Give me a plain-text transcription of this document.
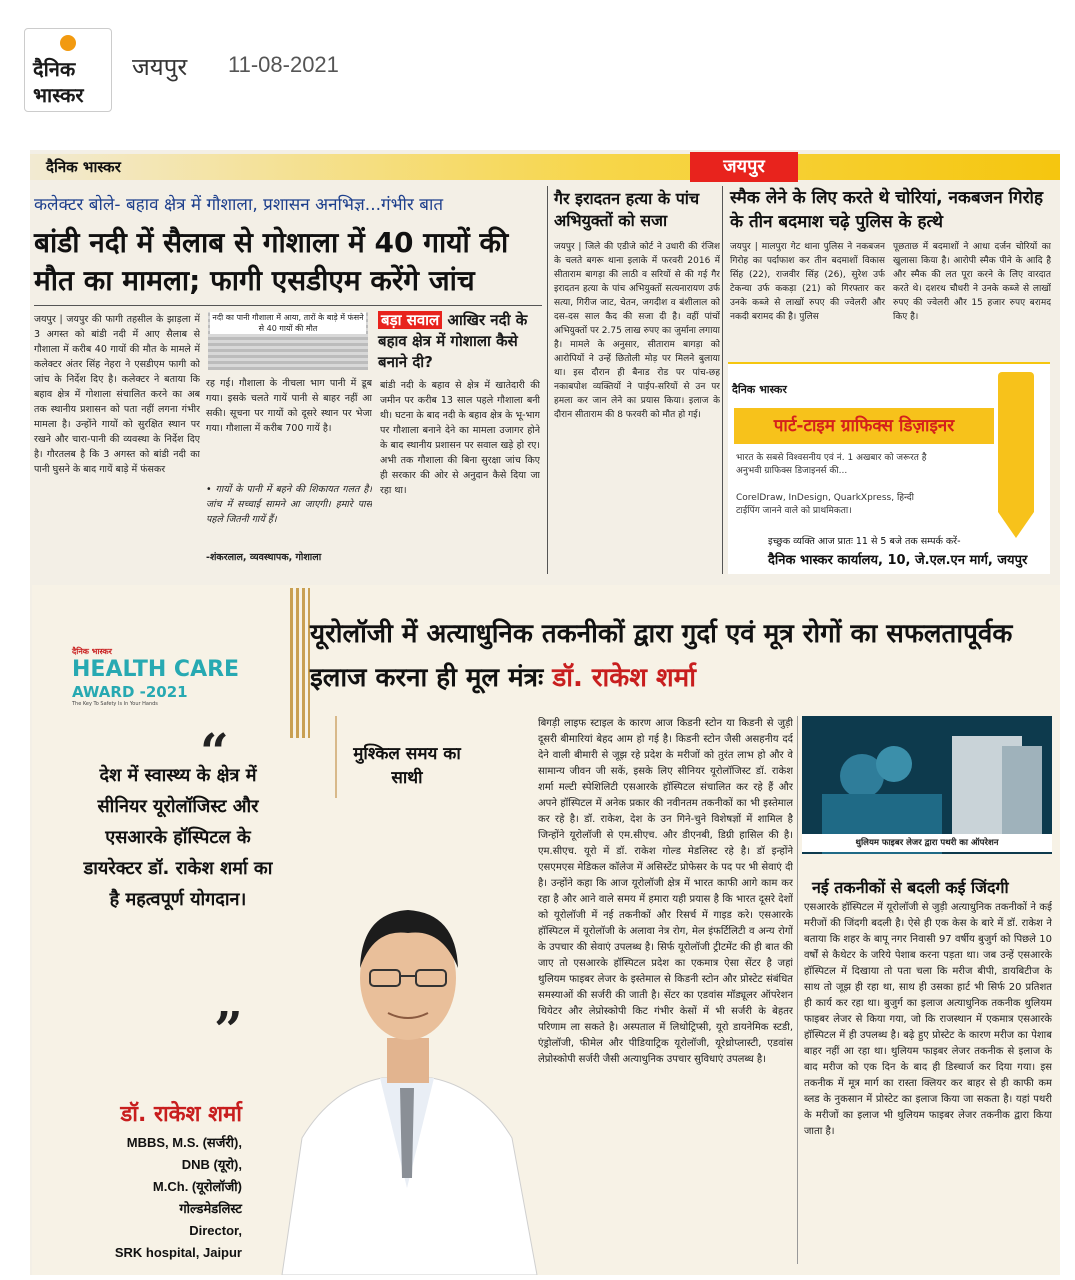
दैनिक
भास्कर
जयपुर 11-08-2021
दैनिक भास्कर	जयपुर
कलेक्टर बोले- बहाव क्षेत्र में गौशाला, प्रशासन अनभिज्ञ...गंभीर बात
बांडी नदी में सैलाब से गोशाला में 40 गायों की मौत का मामला; फागी एसडीएम करेंगे जांच
जयपुर | जयपुर की फागी तहसील के झाड़ला में 3 अगस्त को बांडी नदी में आए सैलाब से गौशाला में करीब 40 गायों की मौत के मामले में कलेक्टर अंतर सिंह नेहरा ने एसडीएम फागी को जांच के निर्देश दिए है। कलेक्टर ने बताया कि बहाव क्षेत्र में गोशाला संचालित करने का अब तक स्थानीय प्रशासन को पता नहीं लगना गंभीर मामला है। उन्होंने गायों को सुरक्षित स्थान पर रखने और चारा-पानी की व्यवस्था के निर्देश दिए है। गौरतलब है कि 3 अगस्त को बांडी नदी का पानी घुसने के बाद गायें बाड़े में फंसकर
नदी का पानी गौशाला में आया, तारों के बाड़े में फंसने से 40 गायों की मौत
रह गई। गौशाला के नीचला भाग पानी में डूब गया। इसके चलते गायें पानी से बाहर नहीं आ सकी। सूचना पर गायों को दूसरे स्थान पर भेजा गया। गौशाला में करीब 700 गायें है।
• गायों के पानी में बहने की शिकायत गलत है। जांच में सच्चाई सामने आ जाएगी। हमारे पास पहले जितनी गायें हैं।
-शंकरलाल, व्यवस्थापक, गोशाला
बड़ा सवाल आखिर नदी के बहाव क्षेत्र में गोशाला कैसे बनाने दी?
बांडी नदी के बहाव से क्षेत्र में खातेदारी की जमीन पर करीब 13 साल पहले गौशाला बनी थी। घटना के बाद नदी के बहाव क्षेत्र के भू-भाग पर गौशाला बनाने देने का मामला उजागर होने के बाद स्थानीय प्रशासन पर सवाल खड़े हो रए। अभी तक गौशाला की बिना सुरक्षा जांच किए ही सरकार की ओर से अनुदान कैसे दिया जा रहा था।
गैर इरादतन हत्या के पांच अभियुक्तों को सजा
जयपुर | जिले की एडीजे कोर्ट ने उधारी की रंजिश के चलते बगरू थाना इलाके में फरवरी 2016 में सीताराम बागड़ा की लाठी व सरियों से की गई गैर इरादतन हत्या के पांच अभियुक्तों सत्यनारायण उर्फ सत्या, गिरीज जाट, चेतन, जगदीश व बंशीलाल को दस-दस साल कैद की सजा दी है। वहीं पांचों अभियुक्तों पर 2.75 लाख रुपए का जुर्माना लगाया है। मामले के अनुसार, सीताराम बागड़ा को आरोपियों ने उन्हें छितोली मोड़ पर मिलने बुलाया था। इस दौरान ही बैनाड रोड पर पांच-छह नकाबपोश व्यक्तियों ने पाईप-सरियों से उन पर हमला कर जान लेने का प्रयास किया। इलाज के दौरान सीताराम की 8 फरवरी को मौत हो गई।
स्मैक लेने के लिए करते थे चोरियां, नकबजन गिरोह के तीन बदमाश चढ़े पुलिस के हत्थे
जयपुर | मालपुरा गेट थाना पुलिस ने नकबजन गिरोह का पर्दाफाश कर तीन बदमाशों विकास सिंह (22), राजवीर सिंह (26), सुरेश उर्फ टेकन्या उर्फ ककड़ा (21) को गिरफ्तार कर उनके कब्जे से लाखों रुपए की ज्वेलरी और नकदी बरामद की है। पुलिस
पूछताछ में बदमाशों ने आधा दर्जन चोरियों का खुलासा किया है। आरोपी स्मैक पीने के आदि है और स्मैक की लत पूरा करने के लिए वारदात करते थे। दशरथ चौधरी ने उनके कब्जे से लाखों रुपए की ज्वेलरी और 15 हजार रुपए बरामद किए है।
दैनिक भास्कर
पार्ट-टाइम ग्राफिक्स डिज़ाइनर
भारत के सबसे विश्वसनीय एवं नं. 1 अखबार को जरूरत है अनुभवी ग्राफिक्स डिजाइनर्स की...
CorelDraw, InDesign, QuarkXpress, हिन्दी टाईपिंग जानने वाले को प्राथमिकता।
इच्छुक व्यक्ति आज प्रातः 11 से 5 बजे तक सम्पर्क करें-
दैनिक भास्कर कार्यालय, 10, जे.एल.एन मार्ग, जयपुर
यूरोलॉजी में अत्याधुनिक तकनीकों द्वारा गुर्दा एवं मूत्र रोगों का सफलतापूर्वक इलाज करना ही मूल मंत्रः डॉ. राकेश शर्मा
दैनिक भास्कर
HEALTH CARE
AWARD -2021
The Key To Safety Is In Your Hands
“
देश में स्वास्थ्य के क्षेत्र में सीनियर यूरोलॉजिस्ट और एसआरके हॉस्पिटल के डायरेक्टर डॉ. राकेश शर्मा का है महत्वपूर्ण योगदान।
”
मुश्किल समय का साथी
डॉ. राकेश शर्मा
MBBS, M.S. (सर्जरी),
DNB (यूरो),
M.Ch. (यूरोलॉजी)
गोल्डमेडलिस्ट
Director,
SRK hospital, Jaipur
बिगड़ी लाइफ स्टाइल के कारण आज किडनी स्टोन या किडनी से जुड़ी दूसरी बीमारियां बेहद आम हो गई है। किडनी स्टोन जैसी असहनीय दर्द देने वाली बीमारी से जूझ रहे प्रदेश के मरीजों को तुरंत लाभ हो और वे सामान्य जीवन जी सकें, इसके लिए सीनियर यूरोलॉजिस्ट डॉ. राकेश शर्मा मल्टी स्पेशिलिटी एसआरके हॉस्पिटल संचालित कर रहे हैं और अपने हॉस्पिटल में अनेक प्रकार की नवीनतम तकनीकों का भी इस्तेमाल कर रहे है। डॉ. राकेश, देश के उन गिने-चुने विशेषज्ञों में शामिल है जिन्होंने यूरोलॉजी से एम.सीएच. और डीएनबी, डिग्री हासिल की है। एम.सीएच. यूरो में डॉ. राकेश गोल्ड मेडलिस्ट रहे है। डॉ इन्होंने एसएमएस मेडिकल कॉलेज में असिस्टेंट प्रोफेसर के पद पर भी सेवाएं दी है। उन्होंने कहा कि आज यूरोलॉजी क्षेत्र में भारत काफी आगे काम कर रहा है और आने वाले समय में हमारा यही प्रयास है कि भारत दूसरे देशों को यूरोलॉजी में नई तकनीकों और रिसर्च में गाइड करे। एसआरके हॉस्पिटल में यूरोलॉजी के अलावा नेत्र रोग, मेल इंफर्टिलिटी व अन्य रोगों के उपचार की सेवाएं उपलब्ध है। सिर्फ यूरोलॉजी ट्रीटमेंट की ही बात की जाए तो एसआरके हॉस्पिटल प्रदेश का एकमात्र ऐसा सेंटर है जहां थुलियम फाइबर लेजर के इस्तेमाल से किडनी स्टोन और प्रोस्टेट संबंधित समस्याओं की सर्जरी की जाती है। सेंटर का एडवांस मॉड्यूलर ऑपरेशन थियेटर और लेप्रोस्कोपी किट गंभीर केसों में भी सर्जरी के बेहतर परिणाम ला सकते है। अस्पताल में लिथोट्रिप्सी, यूरो डायनेमिक स्टडी, एंड्रोलॉजी, फीमेल और पीडियाट्रिक यूरोलॉजी, यूरेथ्रोप्लास्टी, एडवांस लेप्रोस्कोपी सर्जरी जैसी अत्याधुनिक उपचार सुविधाएं उपलब्ध है।
थुलियम फाइबर लेजर द्वारा पथरी का ऑपरेशन
नई तकनीकों से बदली कई जिंदगी
एसआरके हॉस्पिटल में यूरोलॉजी से जुड़ी अत्याधुनिक तकनीकों ने कई मरीजों की जिंदगी बदली है। ऐसे ही एक केस के बारे में डॉ. राकेश ने बताया कि शहर के बापू नगर निवासी 97 वर्षीय बुजुर्ग को पिछले 10 वर्षों से कैथेटर के जरिये पेशाब करना पड़ता था। जब उन्हें एसआरके हॉस्पिटल में दिखाया तो पता चला कि मरीज बीपी, डायबिटीज के साथ तो जूझ ही रहा था, साथ ही उसका हार्ट भी सिर्फ 20 प्रतिशत ही कार्य कर रहा था। बुजुर्ग का इलाज अत्याधुनिक तकनीक थुलियम फाइबर लेजर से किया गया, जो कि राजस्थान में एकमात्र एसआरके हॉस्पिटल में ही उपलब्ध है। बढ़े हुए प्रोस्टेट के कारण मरीज का पेशाब बाहर नहीं आ रहा था। थुलियम फाइबर लेजर तकनीक से इलाज के बाद मरीज को एक दिन के बाद ही डिस्चार्ज कर दिया गया। इस तकनीक में मूत्र मार्ग का रास्ता क्लियर कर बाहर से ही काफी कम ब्लड के नुकसान में प्रोस्टेट का इलाज किया जा सकता है। यहां पथरी के मरीजों का इलाज भी थुलियम फाइबर लेजर तकनीक द्वारा किया जाता है।
